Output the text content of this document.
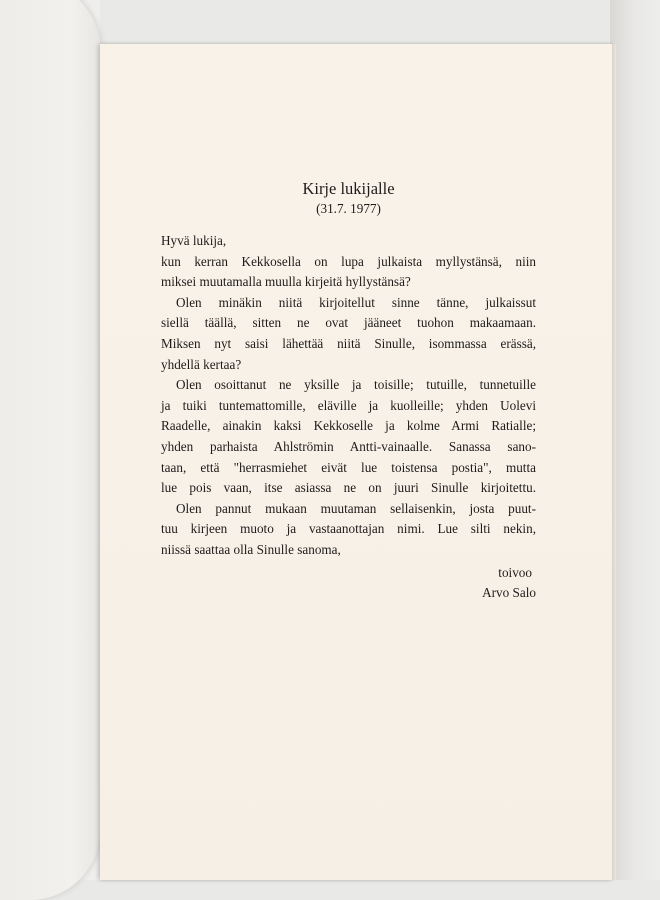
Kirje lukijalle

(31.7. 1977)

Hyvä lukija,
kun kerran Kekkosella on lupa julkaista myllystänsä, niin
miksei muutamalla muulla kirjeitä hyllystänsä?
Olen minäkin niitä kirjoitellut sinne tänne, julkaissut
siellä täällä, sitten ne ovat jääneet tuohon makaamaan.
Miksen nyt saisi lähettää niitä Sinulle, isommassa erässä,
yhdellä kertaa?
Olen osoittanut ne yksille ja toisille; tutuille, tunnetuille
ja tuiki tuntemattomille, eläville ja kuolleille; yhden Uolevi
Raadelle, ainakin kaksi Kekkoselle ja kolme Armi Ratialle;
yhden parhaista Ahlströmin Antti-vainaalle. Sanassa sano-
taan, että "herrasmiehet eivät lue toistensa postia", mutta
lue pois vaan, itse asiassa ne on juuri Sinulle kirjoitettu.
Olen pannut mukaan muutaman sellaisenkin, josta puut-
tuu kirjeen muoto ja vastaanottajan nimi. Lue silti nekin,
niissä saattaa olla Sinulle sanoma,
toivoo
Arvo Salo
